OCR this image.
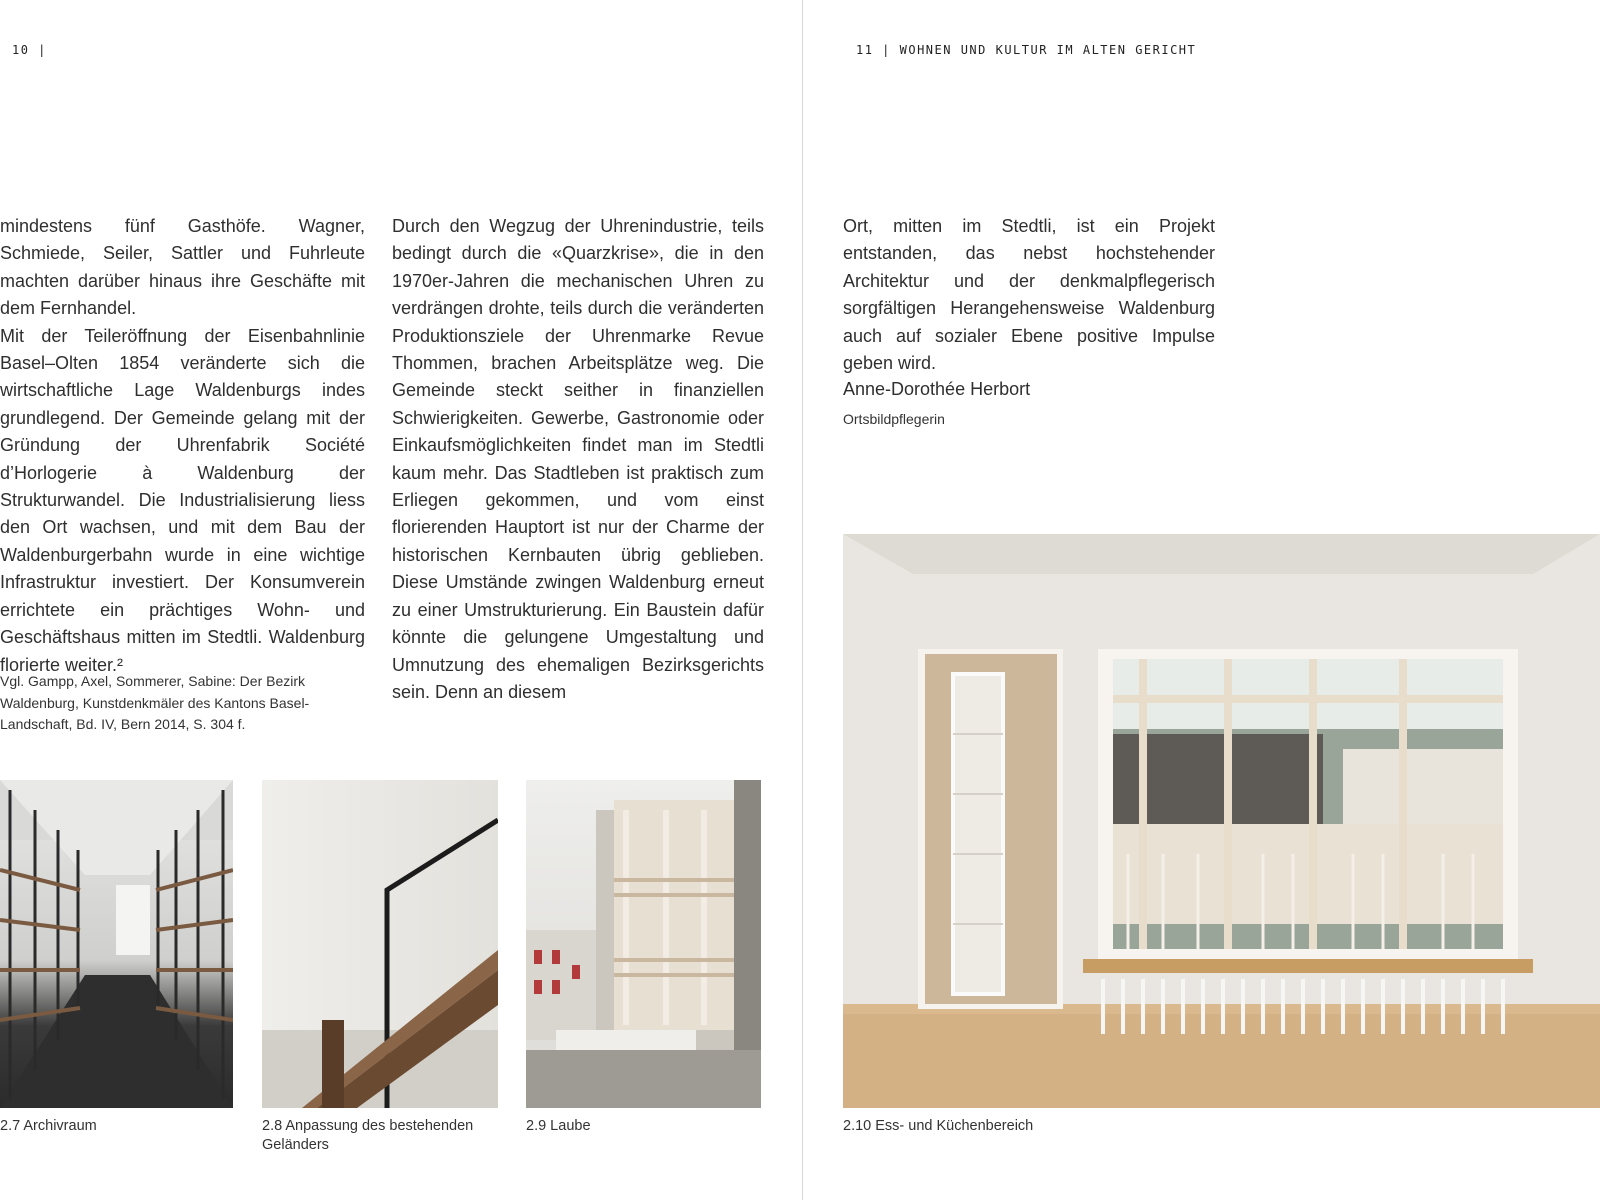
10 |	11 | WOHNEN UND KULTUR IM ALTEN GERICHT

mindestens fünf Gasthöfe. Wagner, Schmiede, Seiler, Sattler und Fuhrleute machten darüber hinaus ihre Geschäfte mit dem Fernhandel.

Mit der Teileröffnung der Eisenbahnlinie Basel–Olten 1854 veränderte sich die wirtschaftliche Lage Waldenburgs indes grundlegend. Der Gemeinde gelang mit der Gründung der Uhrenfabrik Société d’Horlogerie à Waldenburg der Strukturwandel. Die Industrialisierung liess den Ort wachsen, und mit dem Bau der Waldenburgerbahn wurde in eine wichtige Infrastruktur investiert. Der Konsumverein errichtete ein prächtiges Wohn- und Geschäftshaus mitten im Stedtli. Waldenburg florierte weiter.²

Vgl. Gampp, Axel, Sommerer, Sabine: Der Bezirk Waldenburg, Kunstdenkmäler des Kantons Basel-Landschaft, Bd. IV, Bern 2014, S. 304 f.

Durch den Wegzug der Uhrenindustrie, teils bedingt durch die «Quarzkrise», die in den 1970er-Jahren die mechanischen Uhren zu verdrängen drohte, teils durch die veränderten Produktionsziele der Uhrenmarke Revue Thommen, brachen Arbeitsplätze weg. Die Gemeinde steckt seither in finanziellen Schwierigkeiten. Gewerbe, Gastronomie oder Einkaufsmöglichkeiten findet man im Stedtli kaum mehr. Das Stadtleben ist praktisch zum Erliegen gekommen, und vom einst florierenden Hauptort ist nur der Charme der historischen Kernbauten übrig geblieben. Diese Umstände zwingen Waldenburg erneut zu einer Umstrukturierung. Ein Baustein dafür könnte die gelungene Umgestaltung und Umnutzung des ehemaligen Bezirksgerichts sein. Denn an diesem

Ort, mitten im Stedtli, ist ein Projekt entstanden, das nebst hochstehender Architektur und der denkmalpflegerisch sorgfältigen Herangehensweise Waldenburg auch auf sozialer Ebene positive Impulse geben wird.

Anne-Dorothée Herbort
Ortsbildpflegerin
2.7 Archivraum	2.8 Anpassung des bestehenden Geländers
2.9 Laube	2.10 Ess- und Küchenbereich
